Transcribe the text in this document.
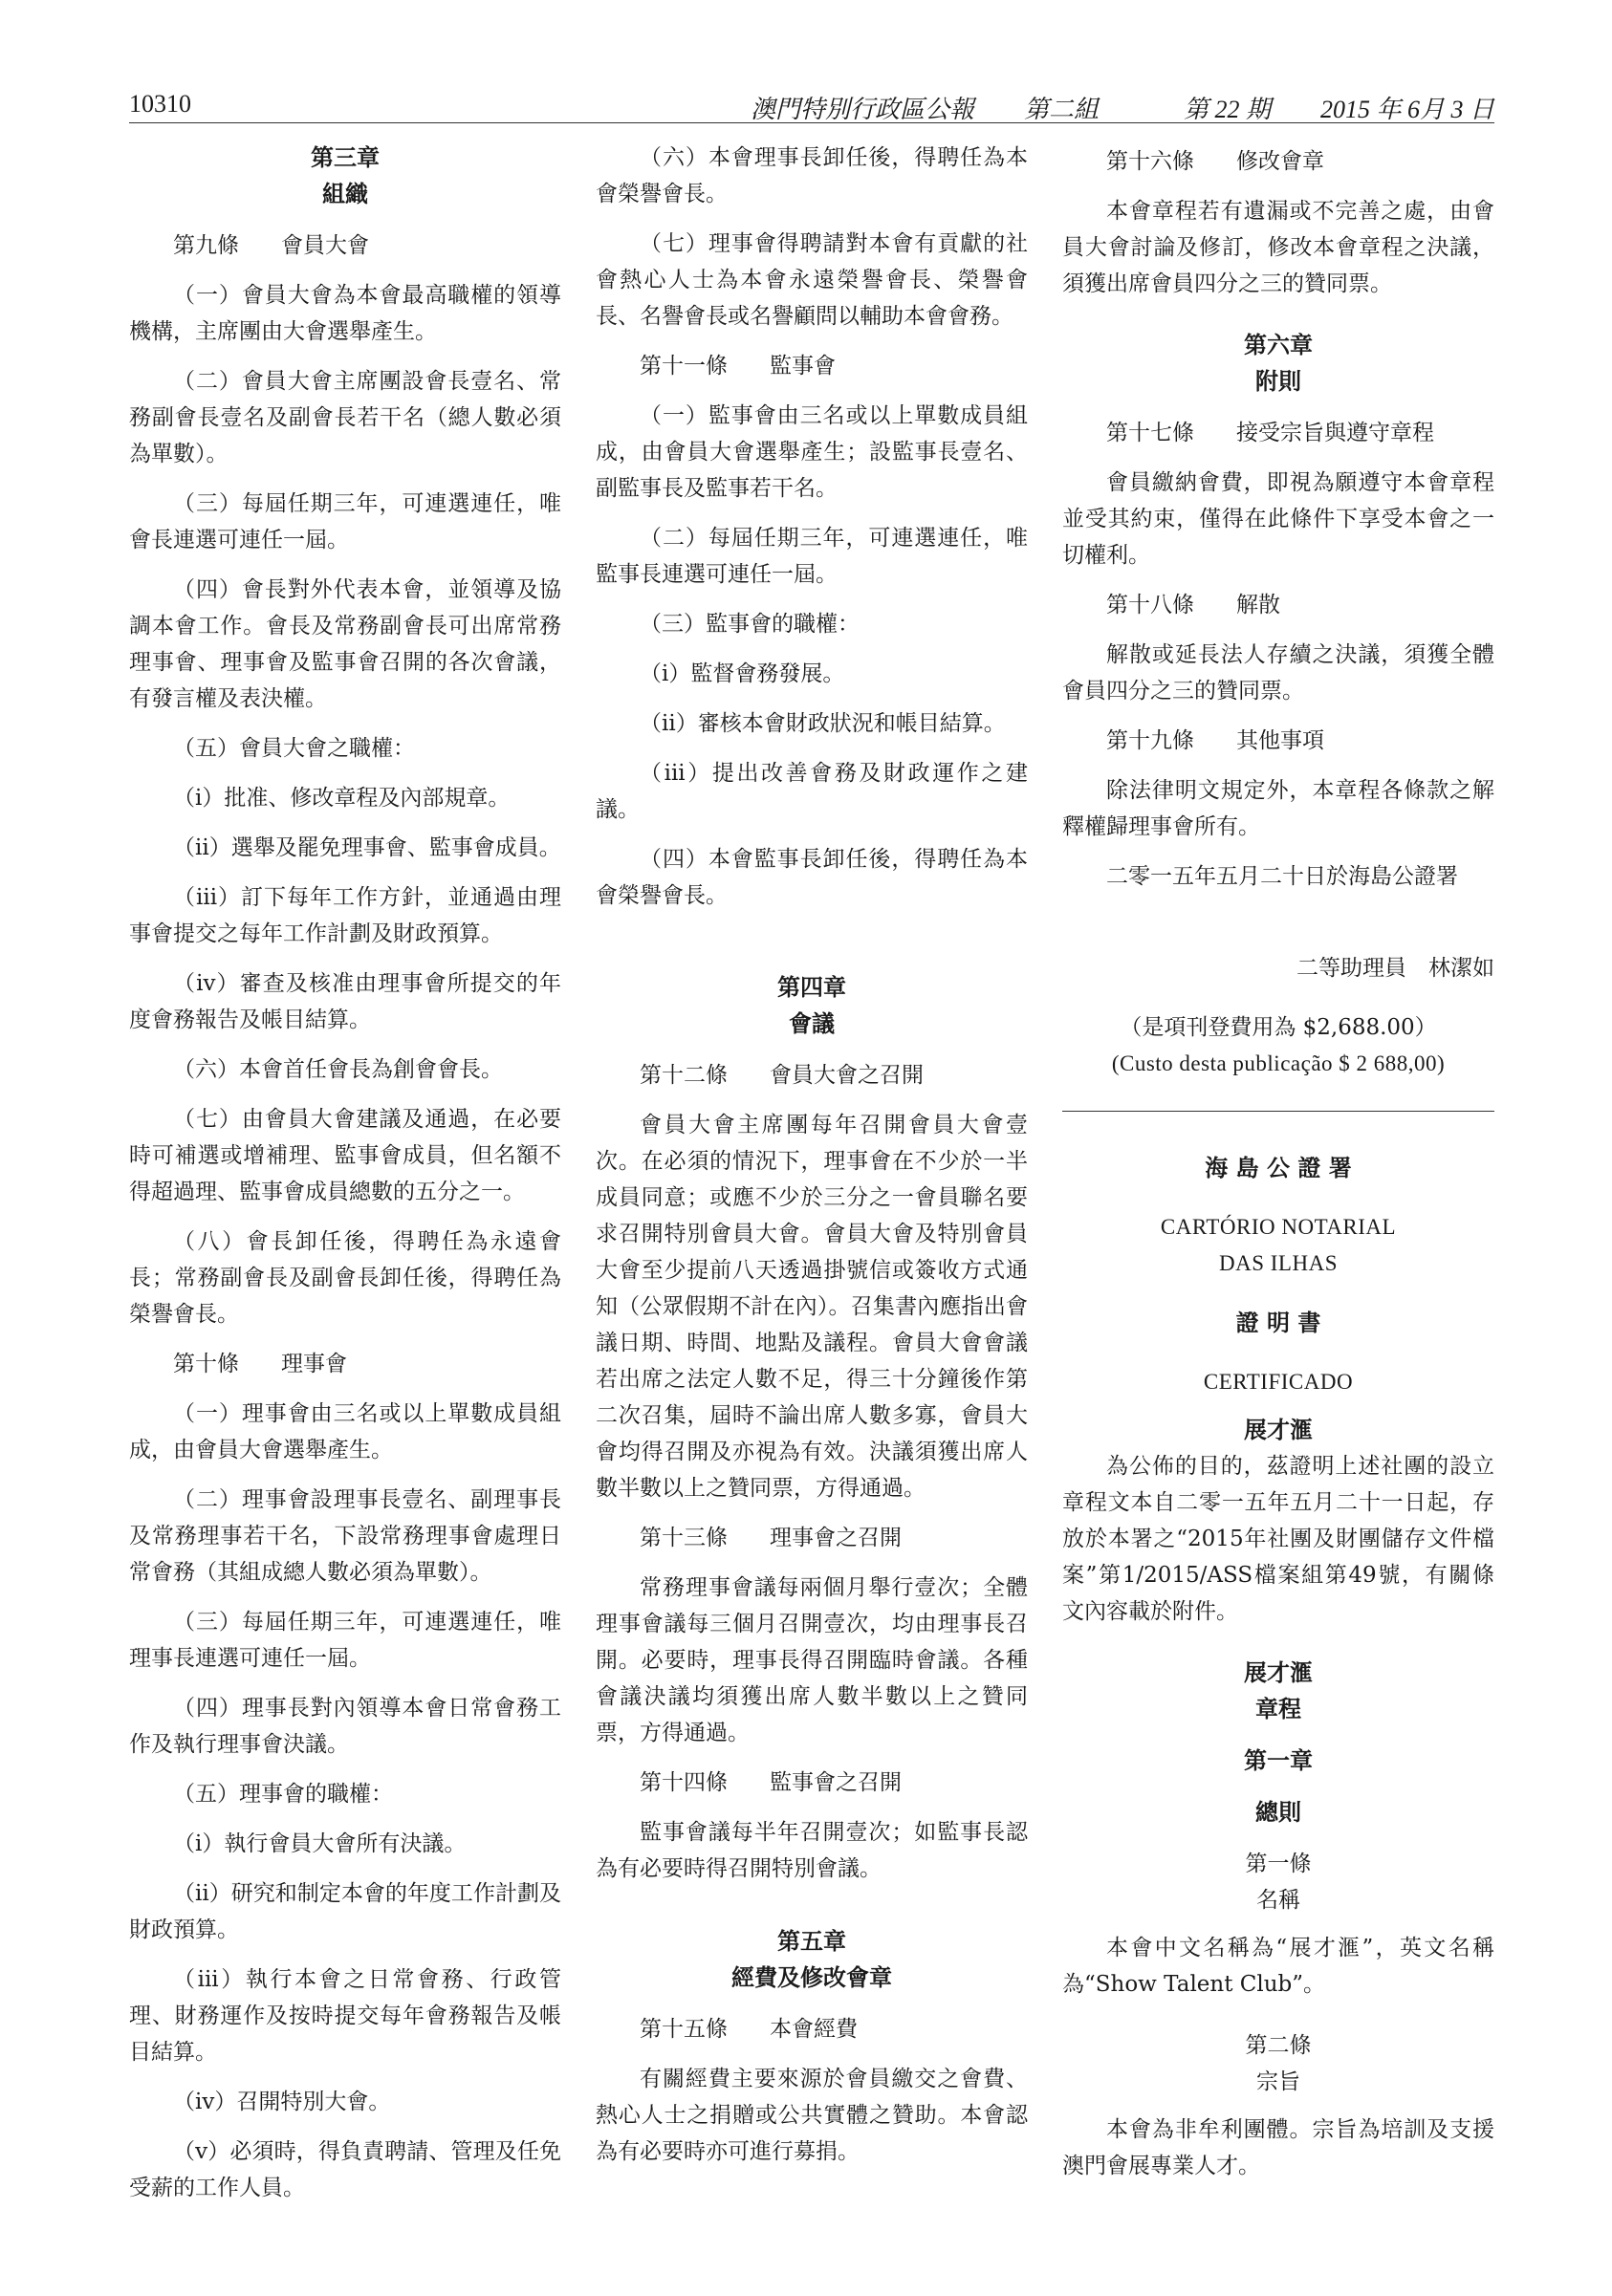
10310	澳門特別行政區公報　　第二組	第 22 期　　2015 年 6月 3 日

第三章

組織

第九條 會員大會

（一）會員大會為本會最高職權的領導機構，主席團由大會選舉產生。

（二）會員大會主席團設會長壹名、常務副會長壹名及副會長若干名（總人數必須為單數）。

（三）每屆任期三年，可連選連任，唯會長連選可連任一屆。

（四）會長對外代表本會，並領導及協調本會工作。會長及常務副會長可出席常務理事會、理事會及監事會召開的各次會議，有發言權及表決權。

（五）會員大會之職權：

（i）批准、修改章程及內部規章。

（ii）選舉及罷免理事會、監事會成員。

（iii）訂下每年工作方針，並通過由理事會提交之每年工作計劃及財政預算。

（iv）審查及核准由理事會所提交的年度會務報告及帳目結算。

（六）本會首任會長為創會會長。

（七）由會員大會建議及通過，在必要時可補選或增補理、監事會成員，但名額不得超過理、監事會成員總數的五分之一。

（八）會長卸任後，得聘任為永遠會長；常務副會長及副會長卸任後，得聘任為榮譽會長。

第十條 理事會

（一）理事會由三名或以上單數成員組成，由會員大會選舉產生。

（二）理事會設理事長壹名、副理事長及常務理事若干名，下設常務理事會處理日常會務（其組成總人數必須為單數）。

（三）每屆任期三年，可連選連任，唯理事長連選可連任一屆。

（四）理事長對內領導本會日常會務工作及執行理事會決議。

（五）理事會的職權：

（i）執行會員大會所有決議。

（ii）研究和制定本會的年度工作計劃及財政預算。

（iii）執行本會之日常會務、行政管理、財務運作及按時提交每年會務報告及帳目結算。

（iv）召開特別大會。

（v）必須時，得負責聘請、管理及任免受薪的工作人員。

（六）本會理事長卸任後，得聘任為本會榮譽會長。

（七）理事會得聘請對本會有貢獻的社會熱心人士為本會永遠榮譽會長、榮譽會長、名譽會長或名譽顧問以輔助本會會務。

第十一條 監事會

（一）監事會由三名或以上單數成員組成，由會員大會選舉產生；設監事長壹名、副監事長及監事若干名。

（二）每屆任期三年，可連選連任，唯監事長連選可連任一屆。

（三）監事會的職權：

（i）監督會務發展。

（ii）審核本會財政狀況和帳目結算。

（iii）提出改善會務及財政運作之建議。

（四）本會監事長卸任後，得聘任為本會榮譽會長。

第四章

會議

第十二條 會員大會之召開

會員大會主席團每年召開會員大會壹次。在必須的情況下，理事會在不少於一半成員同意；或應不少於三分之一會員聯名要求召開特別會員大會。會員大會及特別會員大會至少提前八天透過掛號信或簽收方式通知（公眾假期不計在內）。召集書內應指出會議日期、時間、地點及議程。會員大會會議若出席之法定人數不足，得三十分鐘後作第二次召集，屆時不論出席人數多寡，會員大會均得召開及亦視為有效。決議須獲出席人數半數以上之贊同票，方得通過。

第十三條 理事會之召開

常務理事會議每兩個月舉行壹次；全體理事會議每三個月召開壹次，均由理事長召開。必要時，理事長得召開臨時會議。各種會議決議均須獲出席人數半數以上之贊同票，方得通過。

第十四條 監事會之召開

監事會議每半年召開壹次；如監事長認為有必要時得召開特別會議。

第五章

經費及修改會章

第十五條 本會經費

有關經費主要來源於會員繳交之會費、熱心人士之捐贈或公共實體之贊助。本會認為有必要時亦可進行募捐。

第十六條 修改會章

本會章程若有遺漏或不完善之處，由會員大會討論及修訂，修改本會章程之決議，須獲出席會員四分之三的贊同票。

第六章

附則

第十七條 接受宗旨與遵守章程

會員繳納會費，即視為願遵守本會章程並受其約束，僅得在此條件下享受本會之一切權利。

第十八條 解散

解散或延長法人存續之決議，須獲全體會員四分之三的贊同票。

第十九條 其他事項

除法律明文規定外，本章程各條款之解釋權歸理事會所有。

二零一五年五月二十日於海島公證署

二等助理員　林潔如

（是項刊登費用為 $2,688.00）

(Custo desta publicação $ 2 688,00)

海 島 公 證 署

CARTÓRIO NOTARIAL

DAS ILHAS

證 明 書

CERTIFICADO

展才滙

為公佈的目的，茲證明上述社團的設立章程文本自二零一五年五月二十一日起，存放於本署之“2015年社團及財團儲存文件檔案”第1/2015/ASS檔案組第49號，有關條文內容載於附件。

展才滙

章程

第一章

總則

第一條

名稱

本會中文名稱為“展才滙”，英文名稱為“Show Talent Club”。

第二條

宗旨

本會為非牟利團體。宗旨為培訓及支援澳門會展專業人才。
